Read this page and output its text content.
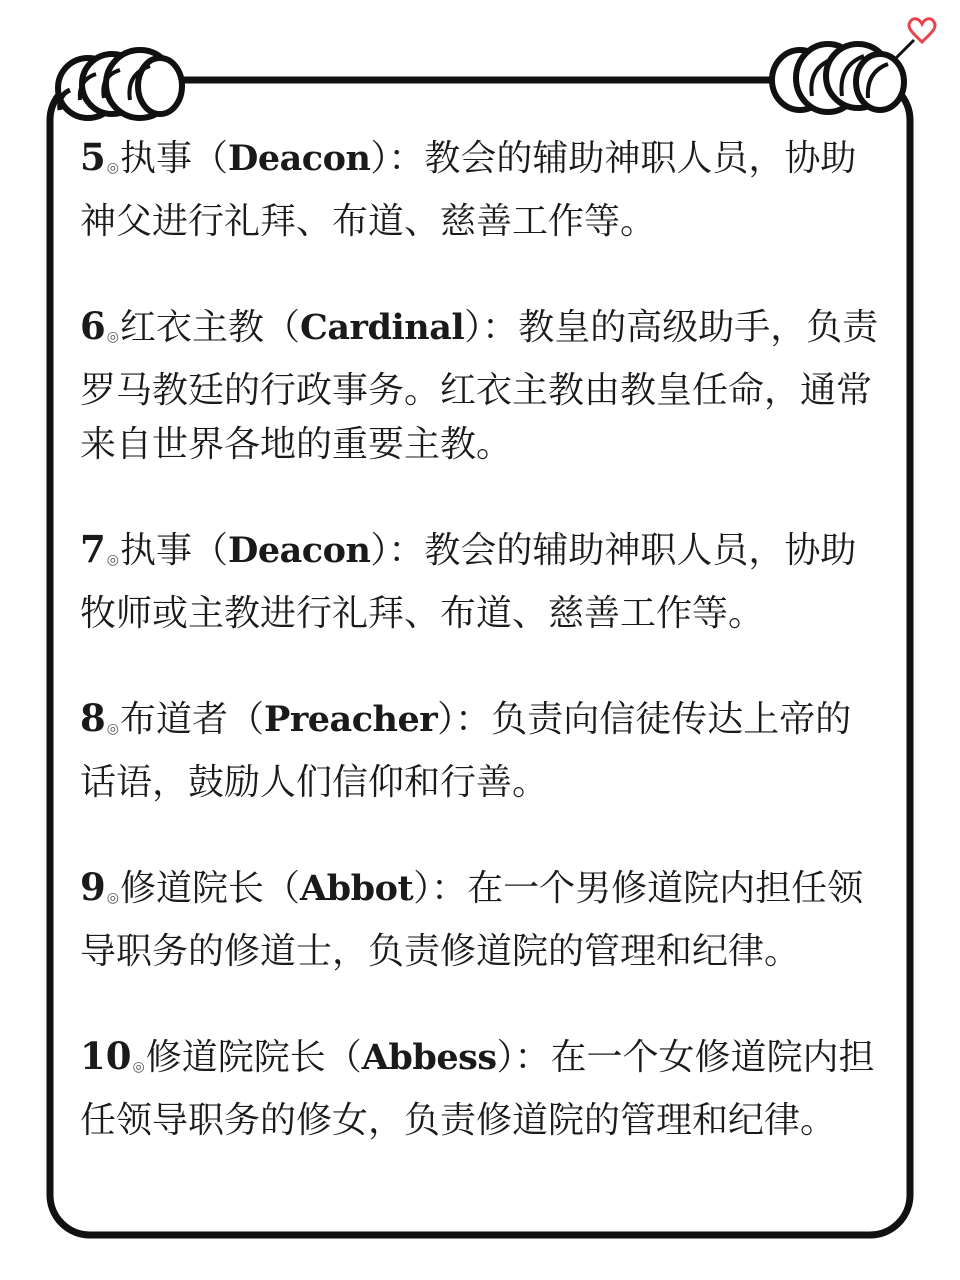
5◎执事（Deacon）：教会的辅助神职人员，协助神父进行礼拜、布道、慈善工作等。
6◎红衣主教（Cardinal）：教皇的高级助手，负责罗马教廷的行政事务。红衣主教由教皇任命，通常来自世界各地的重要主教。
7◎执事（Deacon）：教会的辅助神职人员，协助牧师或主教进行礼拜、布道、慈善工作等。
8◎布道者（Preacher）：负责向信徒传达上帝的话语，鼓励人们信仰和行善。
9◎修道院长（Abbot）：在一个男修道院内担任领导职务的修道士，负责修道院的管理和纪律。
10◎修道院院长（Abbess）：在一个女修道院内担任领导职务的修女，负责修道院的管理和纪律。
